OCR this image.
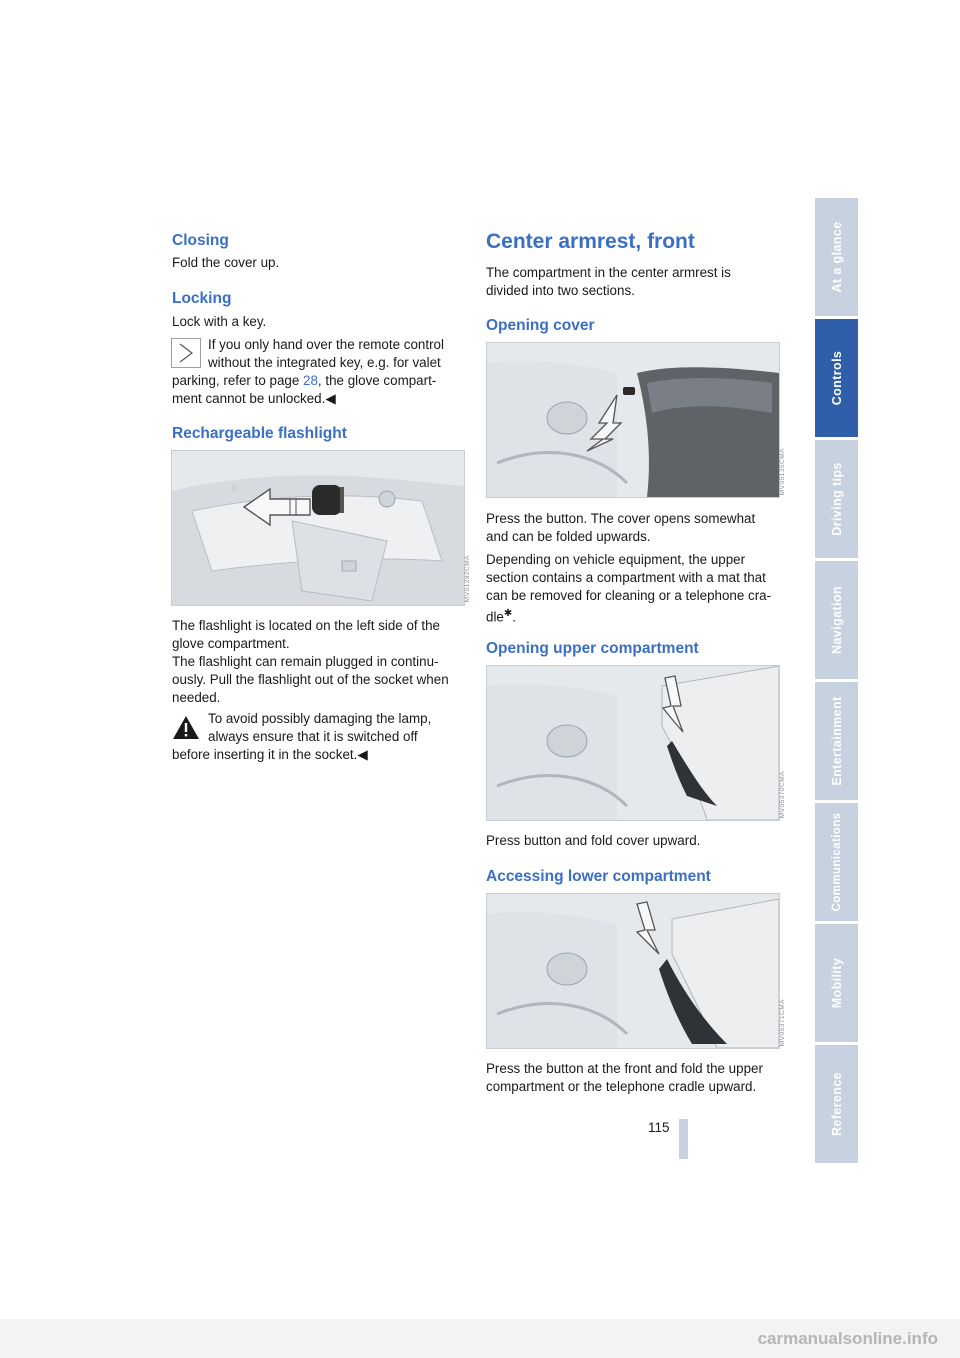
Closing

Fold the cover up.

Locking

Lock with a key.

If you only hand over the remote control

without the integrated key, e.g. for valet

parking, refer to page 28, the glove compart-

ment cannot be unlocked.◀

Rechargeable flashlight
MV01292CMA

The flashlight is located on the left side of the

glove compartment.

The flashlight can remain plugged in continu-

ously. Pull the flashlight out of the socket when

needed.

To avoid possibly damaging the lamp,

always ensure that it is switched off

before inserting it in the socket.◀

Center armrest, front

The compartment in the center armrest is

divided into two sections.

Opening cover
MV05135CMA

Press the button. The cover opens somewhat

and can be folded upwards.

Depending on vehicle equipment, the upper

section contains a compartment with a mat that

can be removed for cleaning or a telephone cra-

dle✱.

Opening upper compartment
MV05370CMA

Press button and fold cover upward.

Accessing lower compartment
MV05371CMA

Press the button at the front and fold the upper

compartment or the telephone cradle upward.

115
At a glance
Controls
Driving tips
Navigation
Entertainment
Communications
Mobility
Reference
carmanualsonline.info
